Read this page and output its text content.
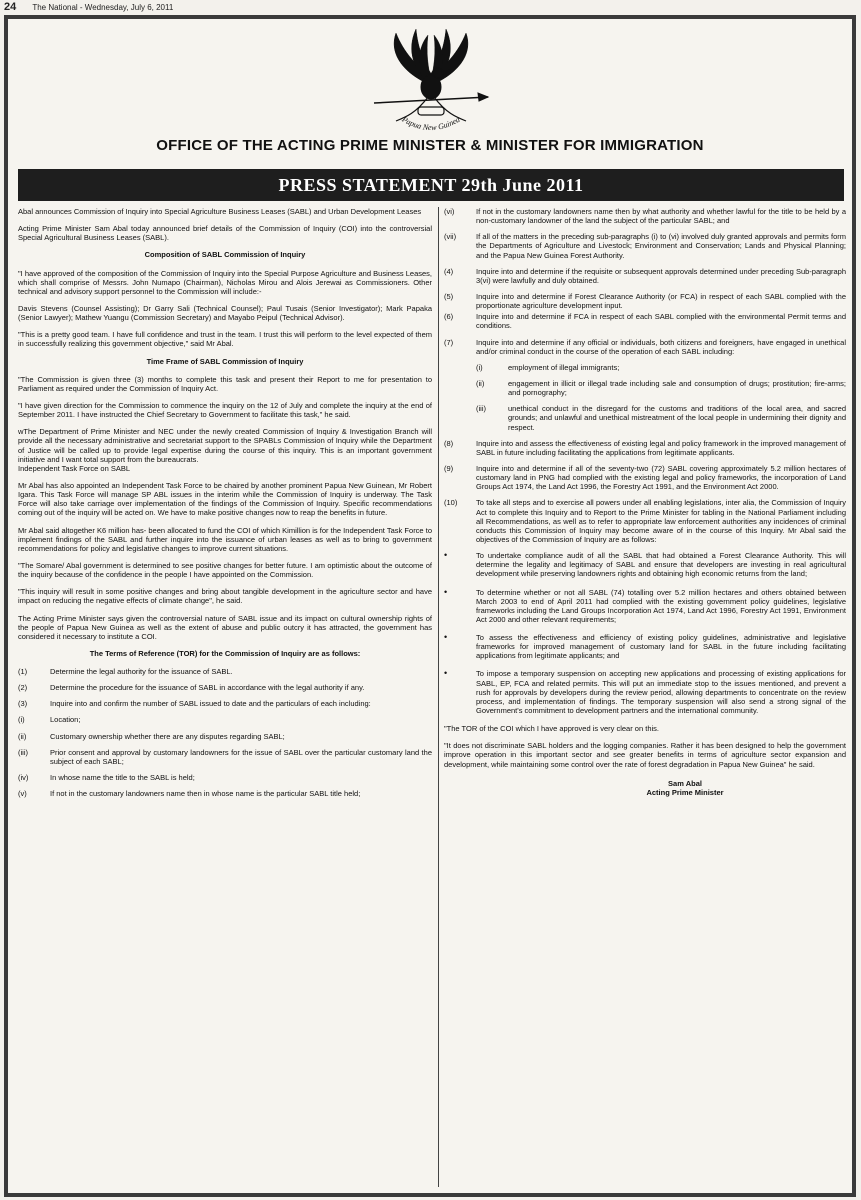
24 The National - Wednesday, July 6, 2011
Papua New Guinea
OFFICE OF THE ACTING PRIME MINISTER & MINISTER FOR IMMIGRATION
PRESS STATEMENT 29th June 2011

Abal announces Commission of Inquiry into Special Agriculture Business Leases (SABL) and Urban Development Leases

Acting Prime Minister Sam Abal today announced brief details of the Commission of Inquiry (COI) into the controversial Special Agricultural Business Leases (SABL).

Composition of SABL Commission of Inquiry

"I have approved of the composition of the Commission of Inquiry into the Special Purpose Agriculture and Business Leases, which shall comprise of Messrs. John Numapo (Chairman), Nicholas Mirou and Alois Jerewai as Commissioners. Other technical and advisory support personnel to the Commission will include:-

Davis Stevens (Counsel Assisting); Dr Garry Sali (Technical Counsel); Paul Tusais (Senior Investigator); Mark Papaka (Senior Lawyer); Mathew Yuangu (Commission Secretary) and Mayabo Peipul (Technical Advisor).

"This is a pretty good team. I have full confidence and trust in the team. I trust this will perform to the level expected of them in successfully realizing this government objective," said Mr Abal.

Time Frame of SABL Commission of Inquiry

"The Commission is given three (3) months to complete this task and present their Report to me for presentation to Parliament as required under the Commission of Inquiry Act.

"I have given direction for the Commission to commence the inquiry on the 12 of July and complete the inquiry at the end of September 2011. I have instructed the Chief Secretary to Government to facilitate this task," he said.

wThe Department of Prime Minister and NEC under the newly created Commission of Inquiry & Investigation Branch will provide all the necessary administrative and secretariat support to the SPABLs Commission of Inquiry while the Department of Justice will be called up to provide legal expertise during the course of this inquiry. This is an important government initiative and I want total support from the bureaucrats.

Independent Task Force on SABL

Mr Abal has also appointed an Independent Task Force to be chaired by another prominent Papua New Guinean, Mr Robert Igara. This Task Force will manage SP ABL issues in the interim while the Commission of Inquiry is underway. The Task Force will also take carriage over implementation of the findings of the Commission of Inquiry. Specific recommendations coming out of the inquiry will be acted on. We have to make positive changes now to reap the benefits in future.

Mr Abal said altogether K6 million has- been allocated to fund the COI of which Kimillion is for the Independent Task Force to implement findings of the SABL and further inquire into the issuance of urban leases as well as to bring to government recommendations for policy and legislative changes to improve current situations.

"The Somare/ Abal government is determined to see positive changes for better future. I am optimistic about the outcome of the inquiry because of the confidence in the people I have appointed on the Commission.

"This inquiry will result in some positive changes and bring about tangible development in the agriculture sector and have impact on reducing the negative effects of climate change", he said.

The Acting Prime Minister says given the controversial nature of SABL issue and its impact on cultural ownership rights of the people of Papua New Guinea as well as the extent of abuse and public outcry it has attracted, the government has considered it necessary to institute a COI.

The Terms of Reference (TOR) for the Commission of Inquiry are as follows:
(1)	Determine the legal authority for the issuance of SABL.
(2)	Determine the procedure for the issuance of SABL in accordance with the legal authority if any.
(3)	Inquire into and confirm the number of SABL issued to date and the particulars of each including:
(i)	Location;
(ii)	Customary ownership whether there are any disputes regarding SABL;
(iii)	Prior consent and approval by customary landowners for the issue of SABL over the particular customary land the subject of each SABL;
(iv)	In whose name the title to the SABL is held;
(v)	If not in the customary landowners name then in whose name is the particular SABL title held;
(vi)	If not in the customary landowners name then by what authority and whether lawful for the title to be held by a non-customary landowner of the land the subject of the particular SABL; and
(vii)	If all of the matters in the preceding sub-paragraphs (i) to (vi) involved duly granted approvals and permits form the Departments of Agriculture and Livestock; Environment and Conservation; Lands and Physical Planning; and the Papua New Guinea Forest Authority.
(4)	Inquire into and determine if the requisite or subsequent approvals determined under preceding Sub-paragraph 3(vi) were lawfully and duly obtained.
(5)	Inquire into and determine if Forest Clearance Authority (or FCA) in respect of each SABL complied with the proportionate agriculture development input.
(6)	Inquire into and determine if FCA in respect of each SABL complied with the environmental Permit terms and conditions.
(7)	Inquire into and determine if any official or individuals, both citizens and foreigners, have engaged in unethical and/or criminal conduct in the course of the operation of each SABL including:
(i)	employment of illegal immigrants;
(ii)	engagement in illicit or illegal trade including sale and consumption of drugs; prostitution; fire-arms; and pornography;
(iii)	unethical conduct in the disregard for the customs and traditions of the local area, and sacred grounds; and unlawful and unethical mistreatment of the local people in undermining their dignity and respect.
(8)	Inquire into and assess the effectiveness of existing legal and policy framework in the improved management of SABL in future including facilitating the applications from legitimate applicants.
(9)	Inquire into and determine if all of the seventy-two (72) SABL covering approximately 5.2 million hectares of customary land in PNG had complied with the existing legal and policy frameworks, the incorporation of Land Groups Act 1974, the Land Act 1996, the Forestry Act 1991, and the Environment Act 2000.
(10)	To take all steps and to exercise all powers under all enabling legislations, inter alia, the Commission of Inquiry Act to complete this Inquiry and to Report to the Prime Minister for tabling in the National Parliament including all Recommendations, as well as to refer to appropriate law enforcement authorities any incidences of criminal conducts this Commission of Inquiry may become aware of in the course of this Inquiry. Mr Abal said the objectives of the Commission of Inquiry are as follows:
•	To undertake compliance audit of all the SABL that had obtained a Forest Clearance Authority. This will determine the legality and legitimacy of SABL and ensure that developers are investing in real agricultural development while preserving landowners rights and obtaining high economic returns from the land;
•	To determine whether or not all SABL (74) totalling over 5.2 million hectares and others obtained between March 2003 to end of April 2011 had complied with the existing government policy guidelines, legislative frameworks including the Land Groups Incorporation Act 1974, Land Act 1996, Forestry Act 1991, Environment Act 2000 and other relevant requirements;
•	To assess the effectiveness and efficiency of existing policy guidelines, administrative and legislative frameworks for improved management of customary land for SABL in the future including facilitating applications from legitimate applicants; and
•	To impose a temporary suspension on accepting new applications and processing of existing applications for SABL, EP, FCA and related permits. This will put an immediate stop to the issues mentioned, and prevent a rush for approvals by developers during the review period, allowing departments to concentrate on the review process, and implementation of findings. The temporary suspension will also send a strong signal of the Government's commitment to development partners and the international community.

"The TOR of the COI which I have approved is very clear on this.

"It does not discriminate SABL holders and the logging companies. Rather it has been designed to help the government improve operation in this important sector and see greater benefits in terms of agriculture sector expansion and development, while maintaining some control over the rate of forest degradation in Papua New Guinea" he said.

Sam Abal
Acting Prime Minister
